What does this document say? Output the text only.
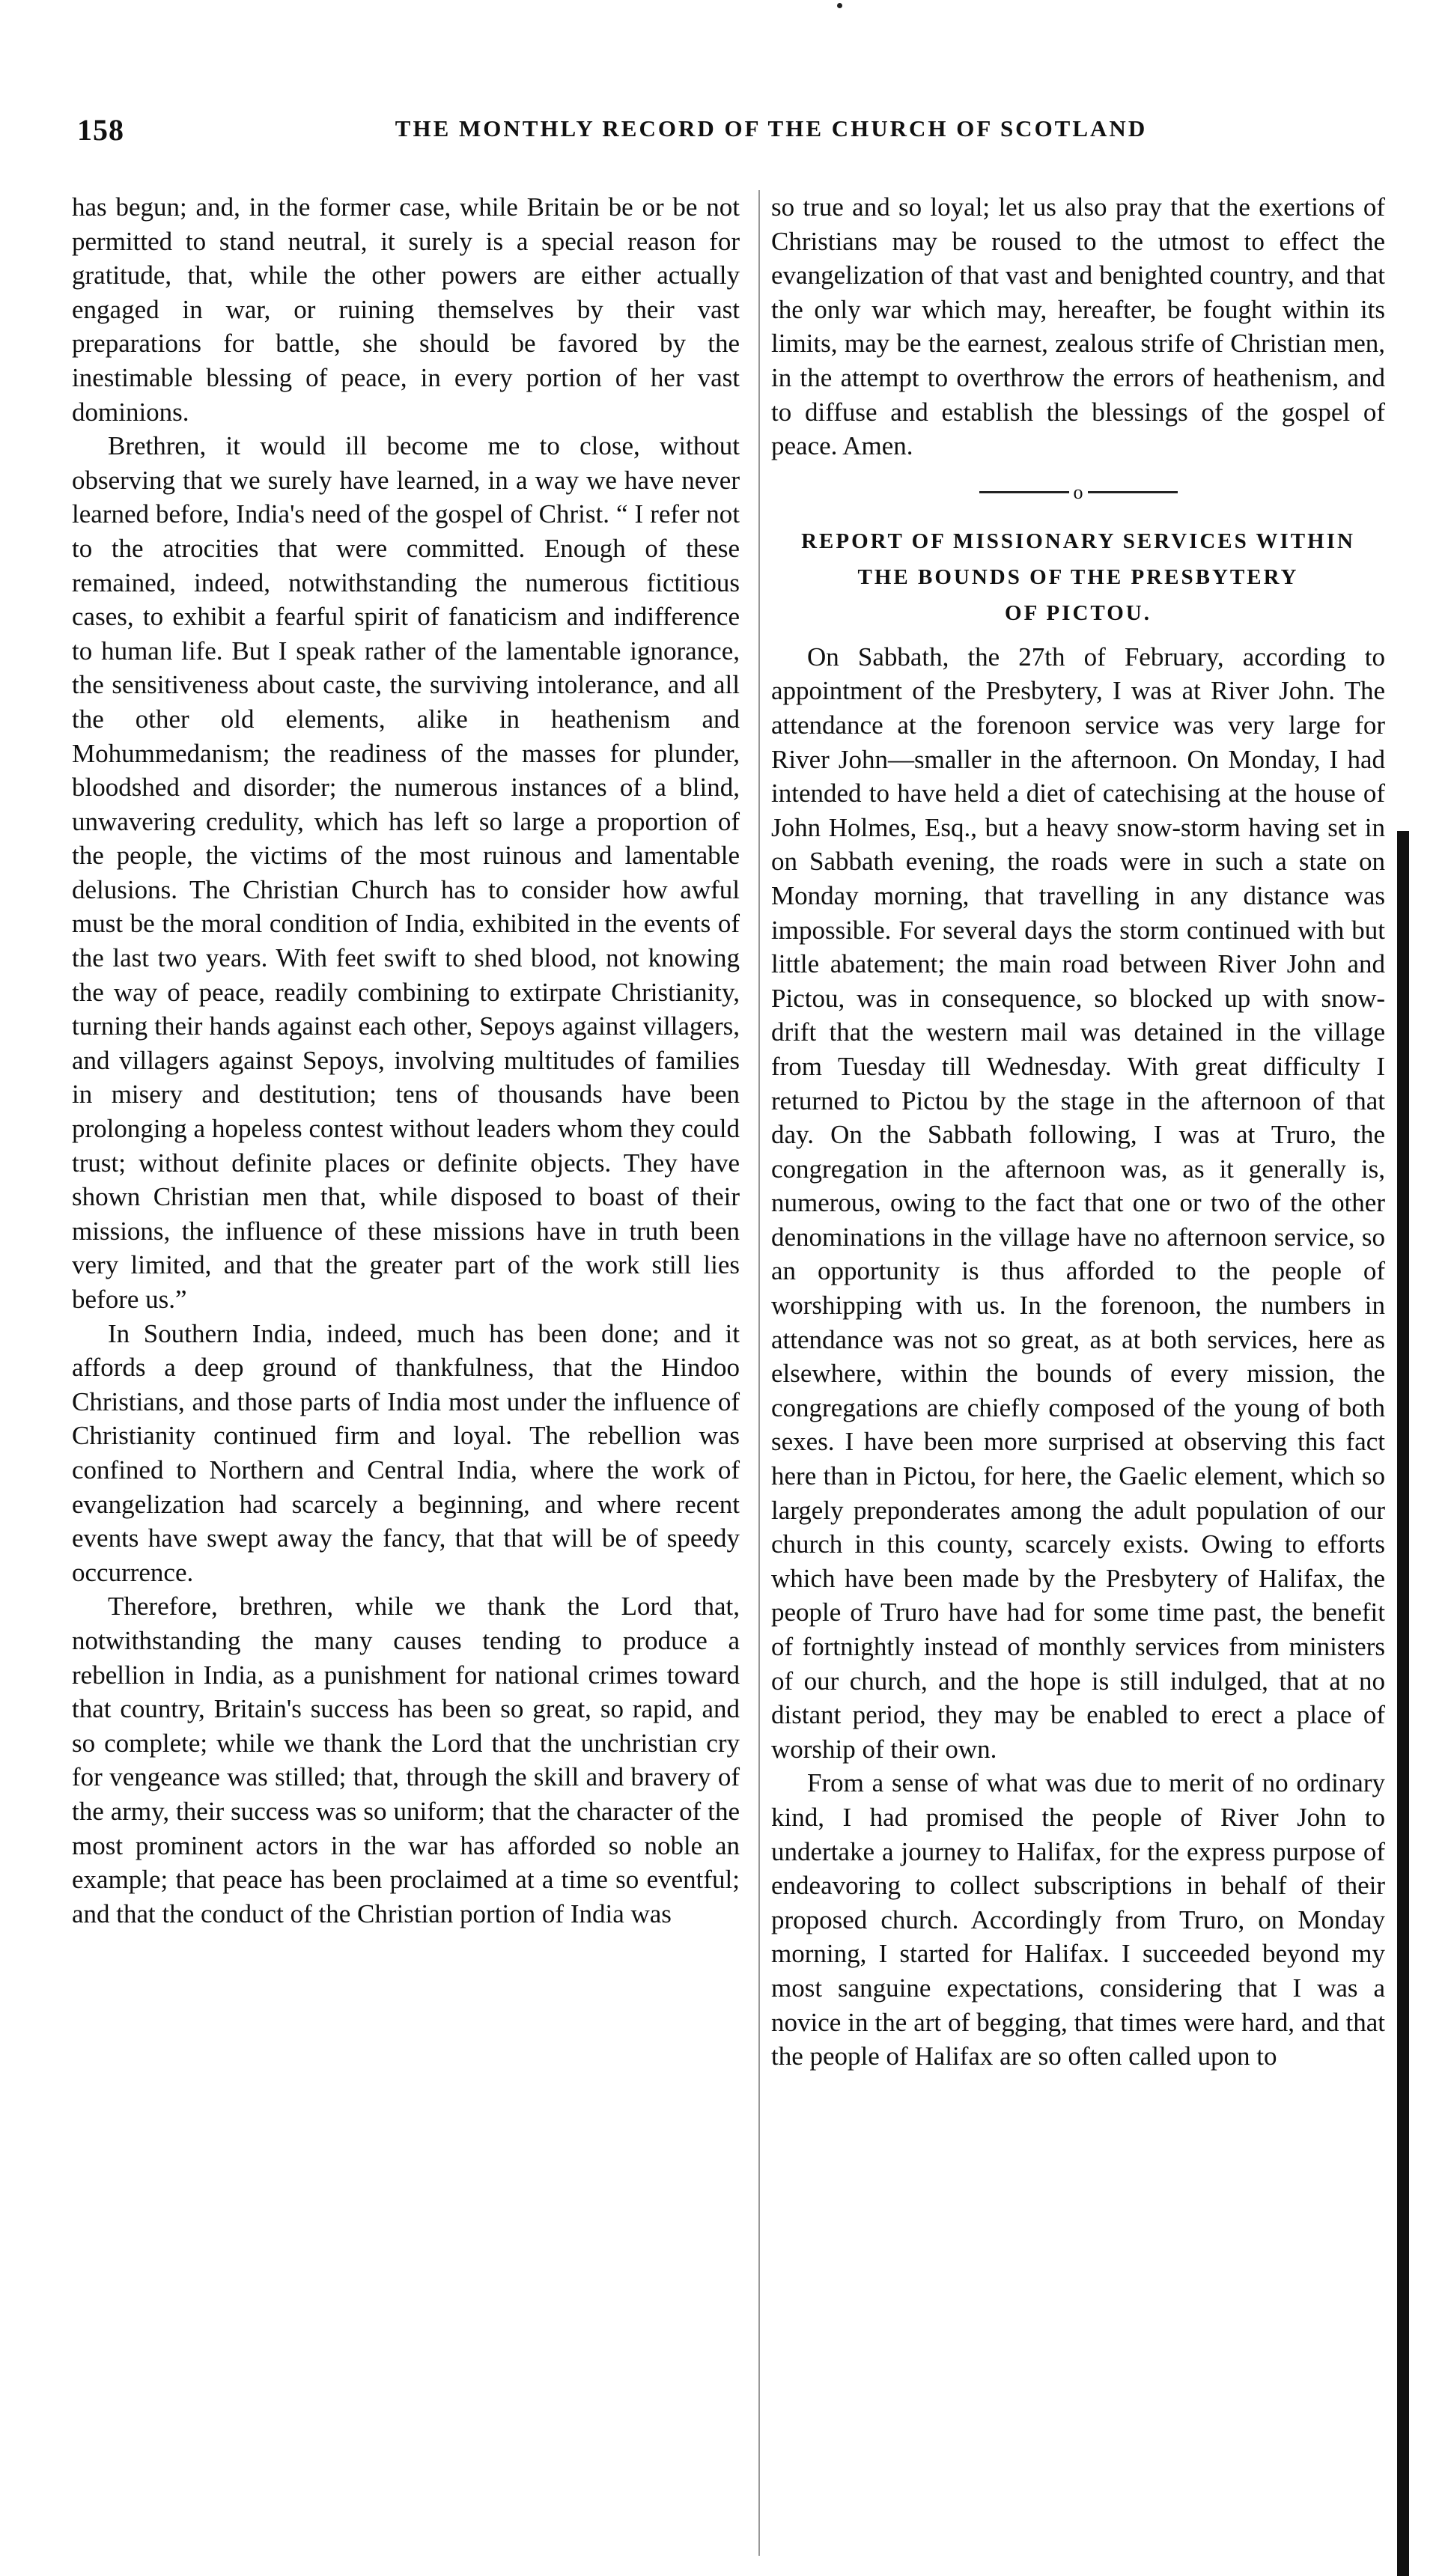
158	THE MONTHLY RECORD OF THE CHURCH OF SCOTLAND

has begun; and, in the former case, while Britain be or be not permitted to stand neutral, it surely is a special reason for gratitude, that, while the other powers are either actually engaged in war, or ruining themselves by their vast preparations for battle, she should be favored by the inestimable blessing of peace, in every portion of her vast dominions.

Brethren, it would ill become me to close, without observing that we surely have learned, in a way we have never learned before, India's need of the gospel of Christ. “ I refer not to the atrocities that were committed. Enough of these remained, indeed, notwithstanding the numerous fictitious cases, to exhibit a fearful spirit of fanaticism and indifference to human life. But I speak rather of the lamentable ignorance, the sensitiveness about caste, the surviving intolerance, and all the other old elements, alike in heathenism and Mohummedanism; the readiness of the masses for plunder, bloodshed and disorder; the numerous instances of a blind, unwavering credulity, which has left so large a proportion of the people, the victims of the most ruinous and lamentable delusions. The Christian Church has to consider how awful must be the moral condition of India, exhibited in the events of the last two years. With feet swift to shed blood, not knowing the way of peace, readily combining to extirpate Christianity, turning their hands against each other, Sepoys against villagers, and villagers against Sepoys, involving multitudes of families in misery and destitution; tens of thousands have been prolonging a hopeless contest without leaders whom they could trust; without definite places or definite objects. They have shown Christian men that, while disposed to boast of their missions, the influence of these missions have in truth been very limited, and that the greater part of the work still lies before us.”

In Southern India, indeed, much has been done; and it affords a deep ground of thankfulness, that the Hindoo Christians, and those parts of India most under the influence of Christianity continued firm and loyal. The rebellion was confined to Northern and Central India, where the work of evangelization had scarcely a beginning, and where recent events have swept away the fancy, that that will be of speedy occurrence.

Therefore, brethren, while we thank the Lord that, notwithstanding the many causes tending to produce a rebellion in India, as a punishment for national crimes toward that country, Britain's success has been so great, so rapid, and so complete; while we thank the Lord that the unchristian cry for vengeance was stilled; that, through the skill and bravery of the army, their success was so uniform; that the character of the most prominent actors in the war has afforded so noble an example; that peace has been proclaimed at a time so eventful; and that the conduct of the Christian portion of India was

so true and so loyal; let us also pray that the exertions of Christians may be roused to the utmost to effect the evangelization of that vast and benighted country, and that the only war which may, hereafter, be fought within its limits, may be the earnest, zealous strife of Christian men, in the attempt to overthrow the errors of heathenism, and to diffuse and establish the blessings of the gospel of peace. Amen.

o
REPORT OF MISSIONARY SERVICES WITHIN
THE BOUNDS OF THE PRESBYTERY
OF PICTOU.

On Sabbath, the 27th of February, according to appointment of the Presbytery, I was at River John. The attendance at the forenoon service was very large for River John—smaller in the afternoon. On Monday, I had intended to have held a diet of catechising at the house of John Holmes, Esq., but a heavy snow-storm having set in on Sabbath evening, the roads were in such a state on Monday morning, that travelling in any distance was impossible. For several days the storm continued with but little abatement; the main road between River John and Pictou, was in consequence, so blocked up with snow-drift that the western mail was detained in the village from Tuesday till Wednesday. With great difficulty I returned to Pictou by the stage in the afternoon of that day. On the Sabbath following, I was at Truro, the congregation in the afternoon was, as it generally is, numerous, owing to the fact that one or two of the other denominations in the village have no afternoon service, so an opportunity is thus afforded to the people of worshipping with us. In the forenoon, the numbers in attendance was not so great, as at both services, here as elsewhere, within the bounds of every mission, the congregations are chiefly composed of the young of both sexes. I have been more surprised at observing this fact here than in Pictou, for here, the Gaelic element, which so largely preponderates among the adult population of our church in this county, scarcely exists. Owing to efforts which have been made by the Presbytery of Halifax, the people of Truro have had for some time past, the benefit of fortnightly instead of monthly services from ministers of our church, and the hope is still indulged, that at no distant period, they may be enabled to erect a place of worship of their own.

From a sense of what was due to merit of no ordinary kind, I had promised the people of River John to undertake a journey to Halifax, for the express purpose of endeavoring to collect subscriptions in behalf of their proposed church. Accordingly from Truro, on Monday morning, I started for Halifax. I succeeded beyond my most sanguine expectations, considering that I was a novice in the art of begging, that times were hard, and that the people of Halifax are so often called upon to
